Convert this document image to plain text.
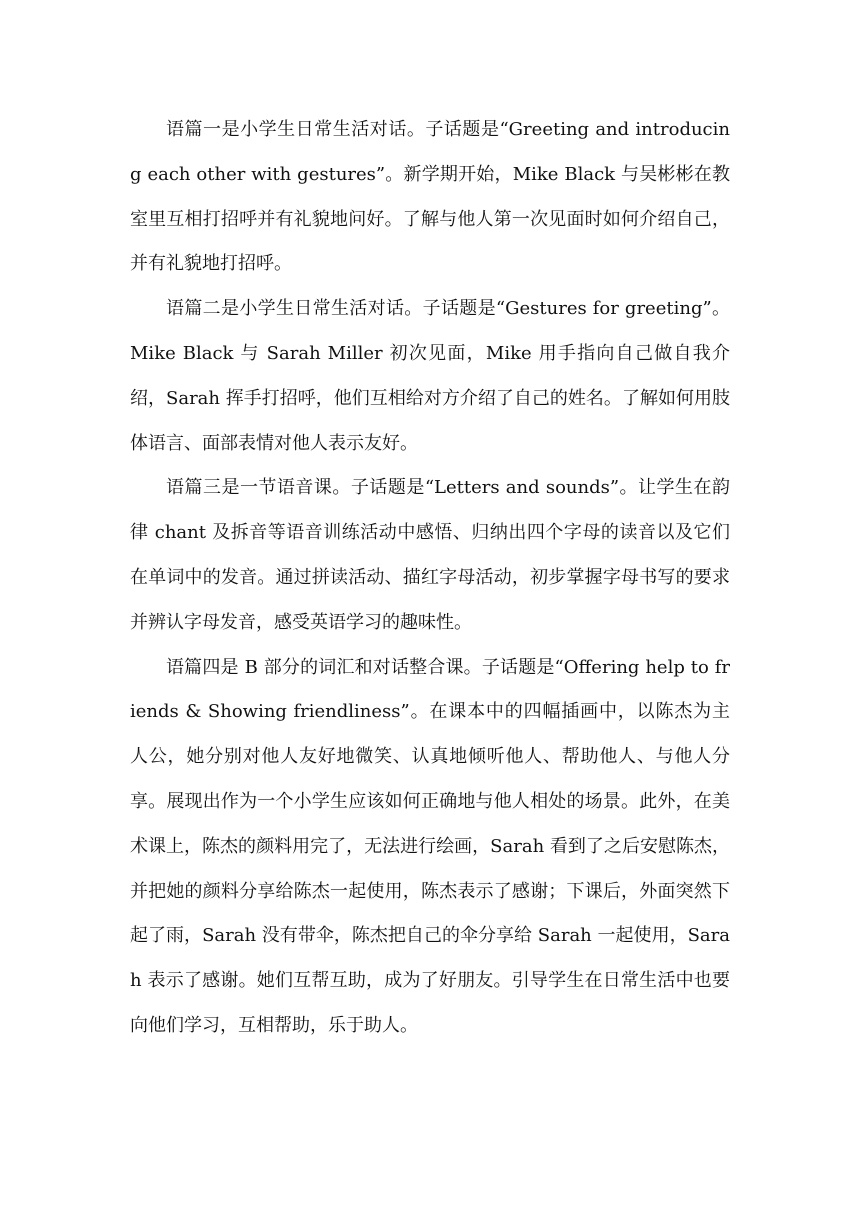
语篇一是小学生日常生活对话。子话题是“Greeting and introducing each other with gestures”。新学期开始，Mike Black 与吴彬彬在教室里互相打招呼并有礼貌地问好。了解与他人第一次见面时如何介绍自己，并有礼貌地打招呼。

语篇二是小学生日常生活对话。子话题是“Gestures for greeting”。Mike Black 与 Sarah Miller 初次见面，Mike 用手指向自己做自我介绍，Sarah 挥手打招呼，他们互相给对方介绍了自己的姓名。了解如何用肢体语言、面部表情对他人表示友好。

语篇三是一节语音课。子话题是“Letters and sounds”。让学生在韵律 chant 及拆音等语音训练活动中感悟、归纳出四个字母的读音以及它们在单词中的发音。通过拼读活动、描红字母活动，初步掌握字母书写的要求并辨认字母发音，感受英语学习的趣味性。

语篇四是 B 部分的词汇和对话整合课。子话题是“Offering help to friends & Showing friendliness”。在课本中的四幅插画中，以陈杰为主人公，她分别对他人友好地微笑、认真地倾听他人、帮助他人、与他人分享。展现出作为一个小学生应该如何正确地与他人相处的场景。此外，在美术课上，陈杰的颜料用完了，无法进行绘画，Sarah 看到了之后安慰陈杰，并把她的颜料分享给陈杰一起使用，陈杰表示了感谢；下课后，外面突然下起了雨，Sarah 没有带伞，陈杰把自己的伞分享给 Sarah 一起使用，Sarah 表示了感谢。她们互帮互助，成为了好朋友。引导学生在日常生活中也要向他们学习，互相帮助，乐于助人。
